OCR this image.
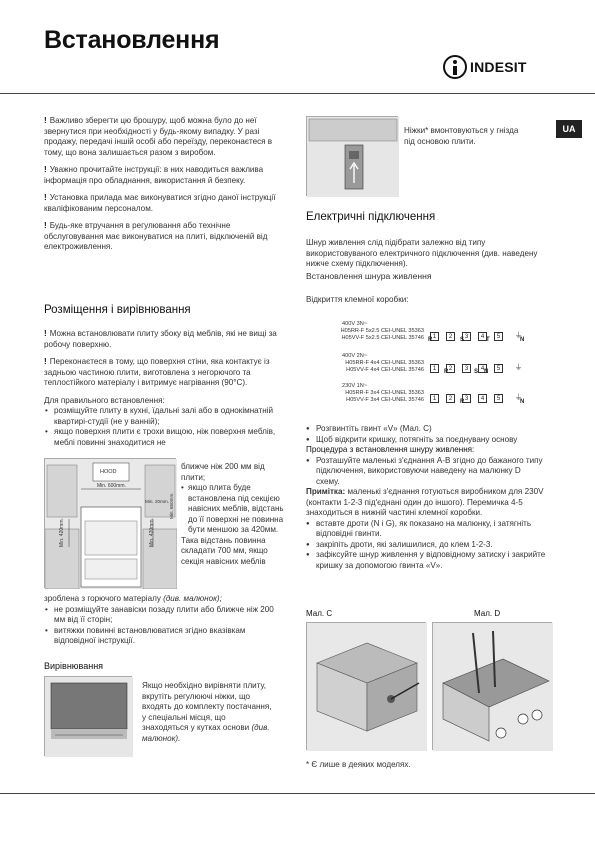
Встановлення
INDESIT
UA
! Важливо зберегти цю брошуру, щоб можна було до неї звернутися при необхідності у будь-якому випадку. У разі продажу, передачі іншій особі або переїзду, переконаєтеся в тому, що вона залишається разом з виробом.
! Уважно прочитайте інструкції: в них наводиться важлива інформація про обладнання, використання й безпеку.
! Установка прилада має виконуватися згідно даної інструкції кваліфікованим персоналом.
! Будь-яке втручання в регулювання або технічне обслуговування має виконуватися на плиті, відключеній від електроживлення.
Розміщення і вирівнювання
! Можна встановлювати плиту збоку від меблів, які не вищі за робочу поверхню.
! Переконаєтеся в тому, що поверхня стіни, яка контактує із задньою частиною плити, виготовлена з негорючого та теплостійкого матеріалу і витримує нагрівання (90°C).
Для правильного встановлення:
• розміщуйте плиту в кухні, їдальні залі або в однокімнатній квартирі-студії (не у ванній);
• якщо поверхня плити є трохи вищою, ніж поверхня меблів, меблі повинні знаходитися не
HOOD
Min. 600mm.
Min. 420mm.	Min. 420mm.
Min. 650mm.
Min. 20mm.
ближче ніж 200 мм від плити;
• якщо плита буде встановлена під секцією навісних меблів, відстань до її поверхні не повинна бути меншою за 420мм.
Така відстань повинна складати 700 мм, якщо секція навісних меблів
зроблена з горючого матеріалу (див. малюнок);
• не розміщуйте занавіски позаду плити або ближче ніж 200 мм від її сторін;
• витяжки повинні встановлюватися згідно вказівкам відповідної інструкції.
Вирівнювання
Якщо необхідно вирівняти плиту, вкрутіть регулюючі ніжки, що входять до комплекту постачання, у спеціальні місця, що знаходяться у кутках основи (див. малюнок).
Ніжки* вмонтовуються у гнізда під основою плити.
Електричні підключення
Шнур живлення слід підібрати залежно від типу використовуваного електричного підключення (див. наведену нижче схему підключення).
Встановлення шнура живлення
Відкриття клемної коробки:
400V 3N~
H05RR-F 5x2.5 CEI-UNEL 35363
H05VV-F 5x2.5 CEI-UNEL 35746
400V 2N~
H05RR-F 4x4 CEI-UNEL 35363
H05VV-F 4x4 CEI-UNEL 35746
230V 1N~
H05RR-F 3x4 CEI-UNEL 35363
H05VV-F 3x4 CEI-UNEL 35746
1 2 3 4 5 ⏚
R	S	T	N
1 2 3 4 5 ⏚
R	S N
1 2 3 4 5 ⏚
R	N
● Розгвинтіть гвинт «V» (Мал. C)
● Щоб відкрити кришку, потягніть за поєднувану основу
Процедура з встановлення шнуру живлення:
● Розташуйте маленькі з'єднання A-B згідно до бажаного типу підключення, використовуючи наведену на малюнку D схему.
Примітка: маленькі з'єднання готуються виробником для 230V (контакти 1-2-3 під'єднані один до іншого). Перемичка 4-5 знаходиться в нижній частині клемної коробки.
● вставте дроти (N і G), як показано на малюнку, і затягніть відповідні гвинти.
● закріпіть дроти, які залишилися, до клем 1-2-3.
● зафіксуйте шнур живлення у відповідному затиску і закрийте кришку за допомогою гвинта «V».
Мал. C	Мал. D
* Є лише в деяких моделях.
